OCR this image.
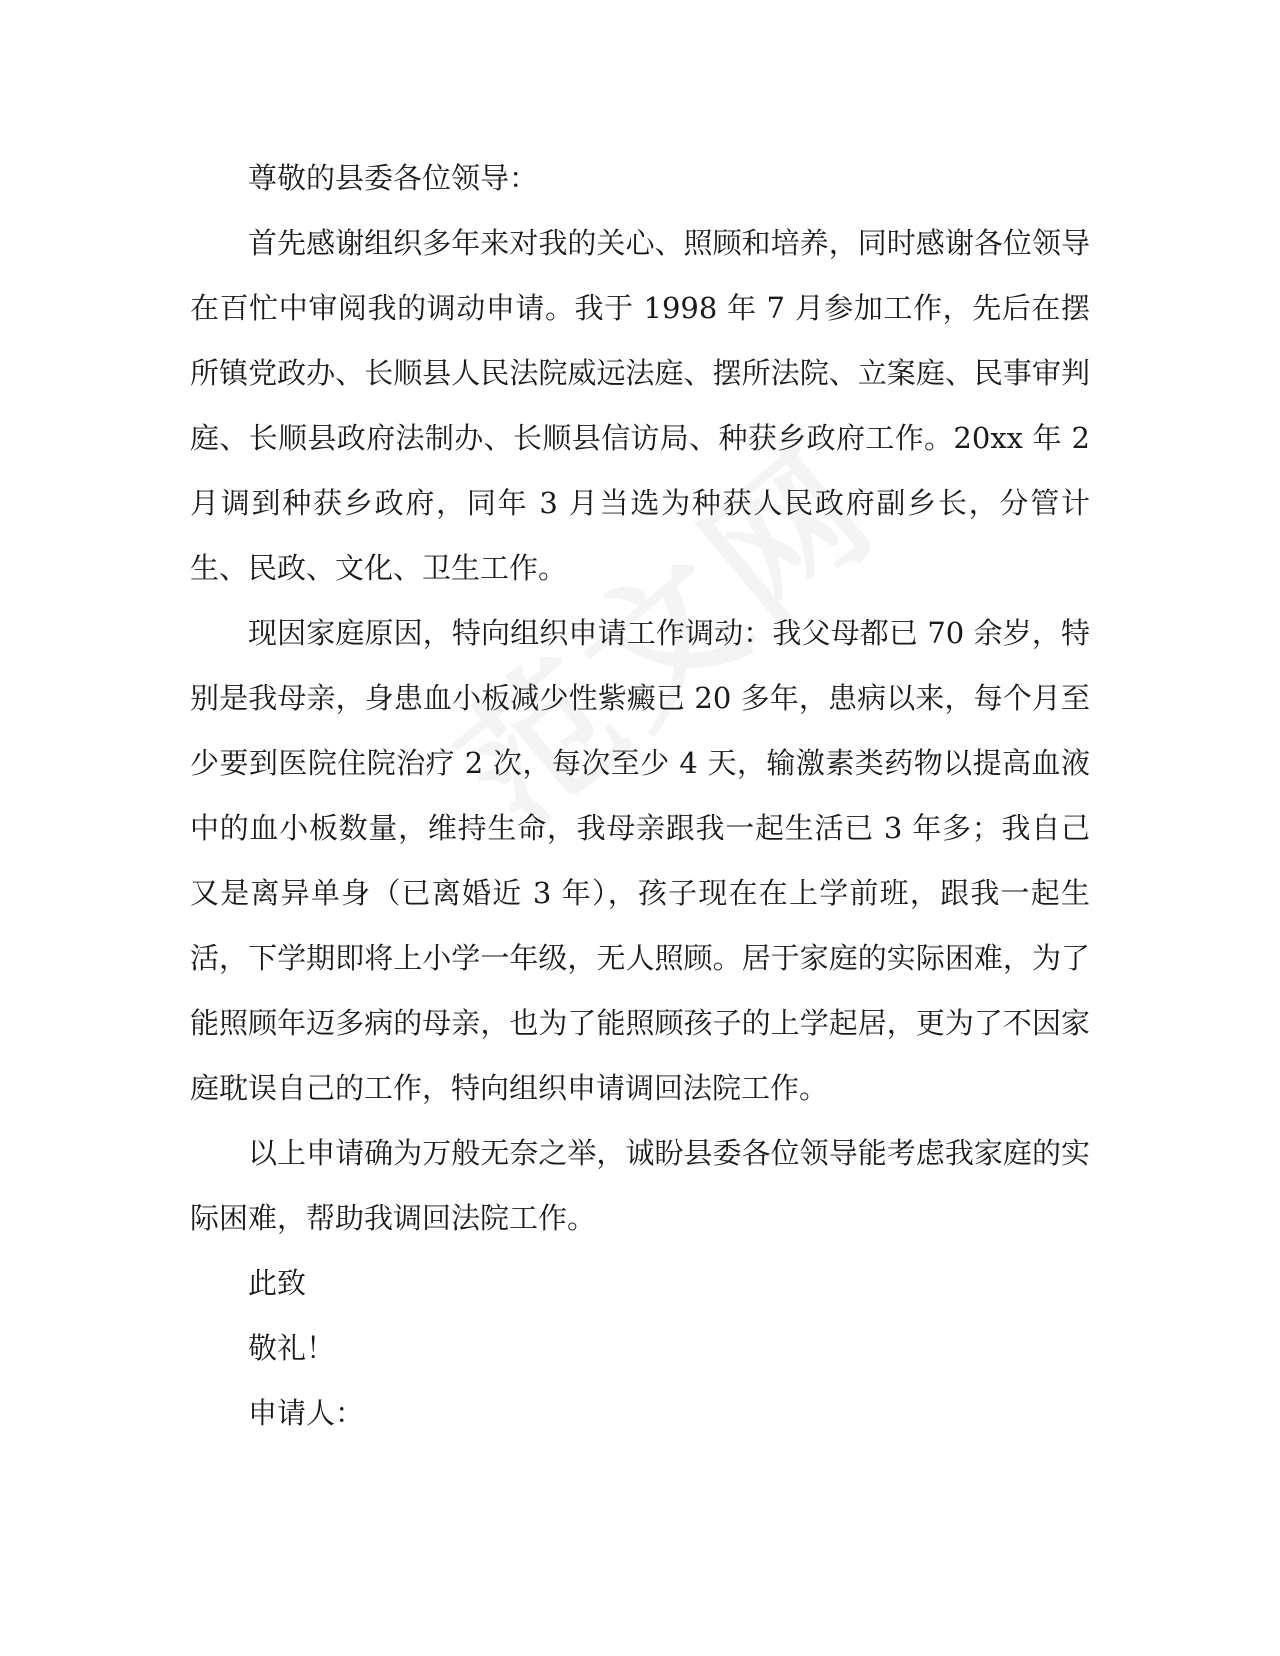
尊敬的县委各位领导：

首先感谢组织多年来对我的关心、照顾和培养，同时感谢各位领导在百忙中审阅我的调动申请。我于 1998 年 7 月参加工作，先后在摆所镇党政办、长顺县人民法院威远法庭、摆所法院、立案庭、民事审判庭、长顺县政府法制办、长顺县信访局、种获乡政府工作。20xx 年 2 月调到种获乡政府，同年 3 月当选为种获人民政府副乡长，分管计生、民政、文化、卫生工作。

现因家庭原因，特向组织申请工作调动：我父母都已 70 余岁，特别是我母亲，身患血小板减少性紫癜已 20 多年，患病以来，每个月至少要到医院住院治疗 2 次，每次至少 4 天，输激素类药物以提高血液中的血小板数量，维持生命，我母亲跟我一起生活已 3 年多；我自己又是离异单身（已离婚近 3 年），孩子现在在上学前班，跟我一起生活，下学期即将上小学一年级，无人照顾。居于家庭的实际困难，为了能照顾年迈多病的母亲，也为了能照顾孩子的上学起居，更为了不因家庭耽误自己的工作，特向组织申请调回法院工作。

以上申请确为万般无奈之举，诚盼县委各位领导能考虑我家庭的实际困难，帮助我调回法院工作。

此致

敬礼！

申请人：
